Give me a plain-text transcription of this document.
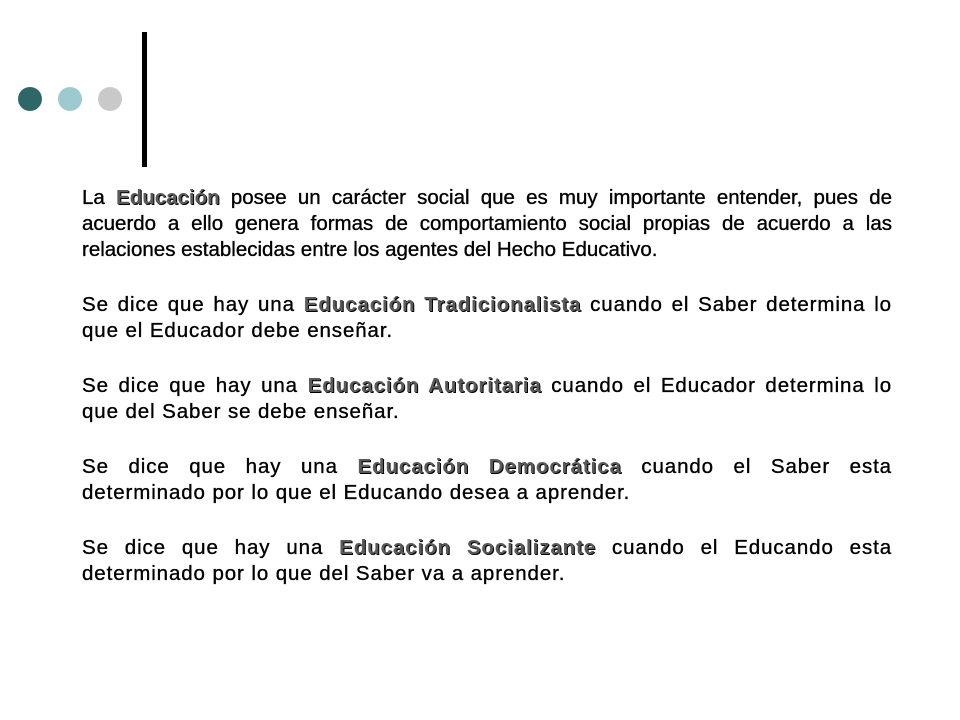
La Educación posee un carácter social que es muy importante entender, pues de acuerdo a ello genera formas de comportamiento social propias de acuerdo a las relaciones establecidas entre los agentes del Hecho Educativo.

Se dice que hay una Educación Tradicionalista cuando el Saber determina lo que el Educador debe enseñar.

Se dice que hay una Educación Autoritaria cuando el Educador determina lo que del Saber se debe enseñar.

Se dice que hay una Educación Democrática cuando el Saber esta determinado por lo que el Educando desea a aprender.

Se dice que hay una Educación Socializante cuando el Educando esta determinado por lo que del Saber va a aprender.
